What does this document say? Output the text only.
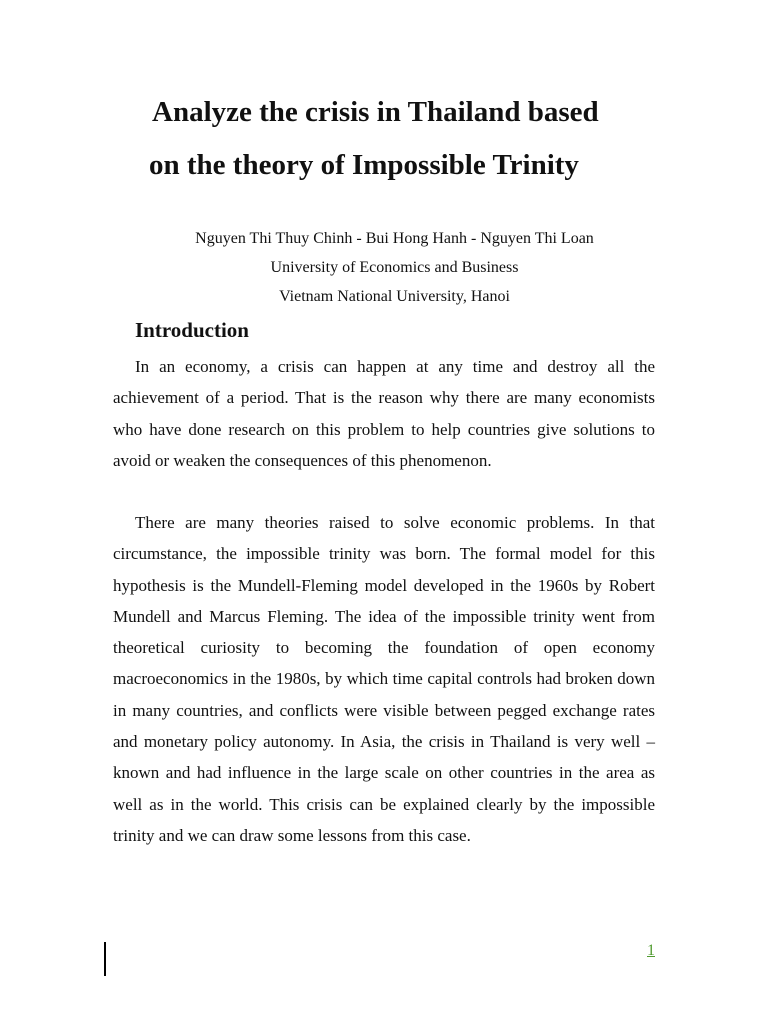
Analyze the crisis in Thailand based
on the theory of Impossible Trinity
Nguyen Thi Thuy Chinh - Bui Hong Hanh - Nguyen Thi Loan
University of Economics and Business
Vietnam National University, Hanoi
Introduction

In an economy, a crisis can happen at any time and destroy all the achievement of a period. That is the reason why there are many economists who have done research on this problem to help countries give solutions to avoid or weaken the consequences of this phenomenon.

There are many theories raised to solve economic problems. In that circumstance, the impossible trinity was born. The formal model for this hypothesis is the Mundell-Fleming model developed in the 1960s by Robert Mundell and Marcus Fleming. The idea of the impossible trinity went from theoretical curiosity to becoming the foundation of open economy macroeconomics in the 1980s, by which time capital controls had broken down in many countries, and conflicts were visible between pegged exchange rates and monetary policy autonomy. In Asia, the crisis in Thailand is very well – known and had influence in the large scale on other countries in the area as well as in the world. This crisis can be explained clearly by the impossible trinity and we can draw some lessons from this case.

1
